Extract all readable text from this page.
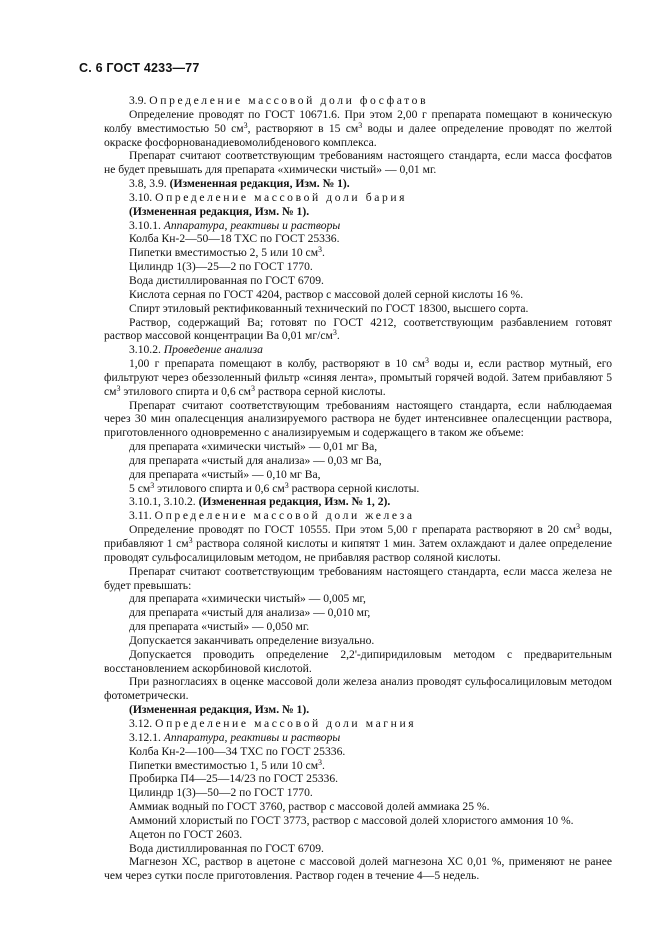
С. 6 ГОСТ 4233—77
3.9. Определение массовой доли фосфатов
Определение проводят по ГОСТ 10671.6. При этом 2,00 г препарата помещают в коническую колбу вместимостью 50 $см^3$, растворяют в 15 $см^3$ воды и далее определение проводят по желтой окраске фосфорнованадиевомолибденового комплекса.
Препарат считают соответствующим требованиям настоящего стандарта, если масса фосфатов не будет превышать для препарата «химически чистый» — 0,01 мг.
3.8, 3.9. (Измененная редакция, Изм. № 1).
3.10. Определение массовой доли бария
(Измененная редакция, Изм. № 1).
3.10.1. Аппаратура, реактивы и растворы
Колба Кн-2—50—18 ТХС по ГОСТ 25336.
Пипетки вместимостью 2, 5 или 10 $см^3$.
Цилиндр 1(3)—25—2 по ГОСТ 1770.
Вода дистиллированная по ГОСТ 6709.
Кислота серная по ГОСТ 4204, раствор с массовой долей серной кислоты 16 %.
Спирт этиловый ректификованный технический по ГОСТ 18300, высшего сорта.
Раствор, содержащий Ва; готовят по ГОСТ 4212, соответствующим разбавлением готовят раствор массовой концентрации Ва 0,01 $мг/см^3$.
3.10.2. Проведение анализа
1,00 г препарата помещают в колбу, растворяют в 10 $см^3$ воды и, если раствор мутный, его фильтруют через обеззоленный фильтр «синяя лента», промытый горячей водой. Затем прибавляют 5 $см^3$ этилового спирта и 0,6 $см^3$ раствора серной кислоты.
Препарат считают соответствующим требованиям настоящего стандарта, если наблюдаемая через 30 мин опалесценция анализируемого раствора не будет интенсивнее опалесценции раствора, приготовленного одновременно с анализируемым и содержащего в таком же объеме:
для препарата «химически чистый» — 0,01 мг Ва,
для препарата «чистый для анализа» — 0,03 мг Ва,
для препарата «чистый» — 0,10 мг Ва,
5 $см^3$ этилового спирта и 0,6 $см^3$ раствора серной кислоты.
3.10.1, 3.10.2. (Измененная редакция, Изм. № 1, 2).
3.11. Определение массовой доли железа
Определение проводят по ГОСТ 10555. При этом 5,00 г препарата растворяют в 20 $см^3$ воды, прибавляют 1 $см^3$ раствора соляной кислоты и кипятят 1 мин. Затем охлаждают и далее определение проводят сульфосалициловым методом, не прибавляя раствор соляной кислоты.
Препарат считают соответствующим требованиям настоящего стандарта, если масса железа не будет превышать:
для препарата «химически чистый» — 0,005 мг,
для препарата «чистый для анализа» — 0,010 мг,
для препарата «чистый» — 0,050 мг.
Допускается заканчивать определение визуально.
Допускается проводить определение 2,2'-дипиридиловым методом с предварительным восстановлением аскорбиновой кислотой.
При разногласиях в оценке массовой доли железа анализ проводят сульфосалициловым методом фотометрически.
(Измененная редакция, Изм. № 1).
3.12. Определение массовой доли магния
3.12.1. Аппаратура, реактивы и растворы
Колба Кн-2—100—34 ТХС по ГОСТ 25336.
Пипетки вместимостью 1, 5 или 10 $см^3$.
Пробирка П4—25—14/23 по ГОСТ 25336.
Цилиндр 1(3)—50—2 по ГОСТ 1770.
Аммиак водный по ГОСТ 3760, раствор с массовой долей аммиака 25 %.
Аммоний хлористый по ГОСТ 3773, раствор с массовой долей хлористого аммония 10 %.
Ацетон по ГОСТ 2603.
Вода дистиллированная по ГОСТ 6709.
Магнезон ХС, раствор в ацетоне с массовой долей магнезона ХС 0,01 %, применяют не ранее чем через сутки после приготовления. Раствор годен в течение 4—5 недель.
